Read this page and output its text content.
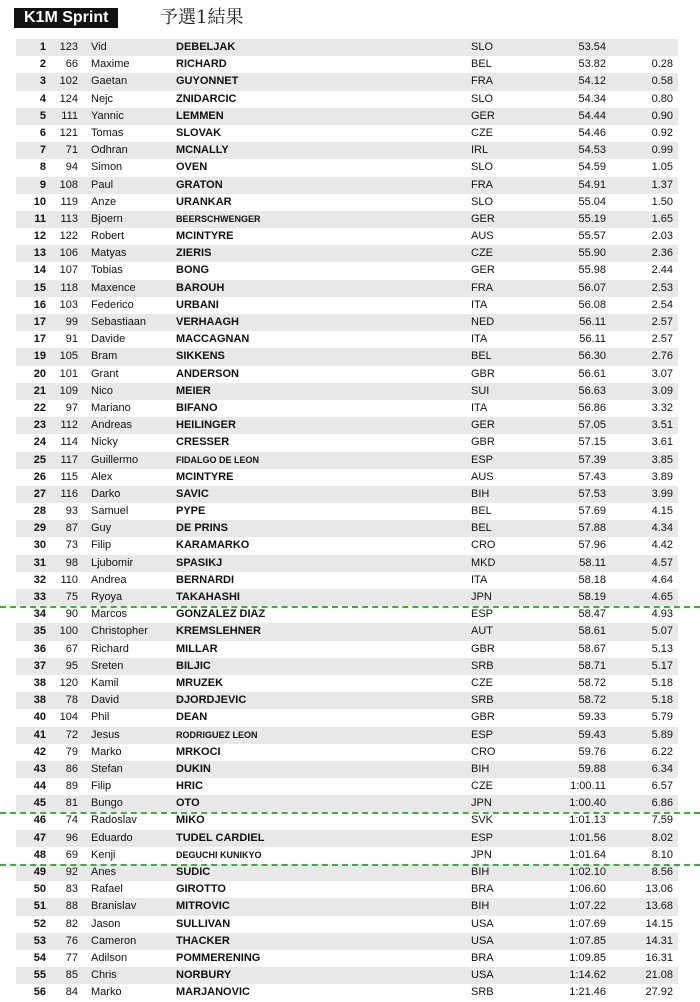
K1M Sprint	予選1結果
1	123 Vid	DEBELJAK	SLO	53.54
2	66 Maxime	RICHARD	BEL	53.82	0.28
3	102 Gaetan	GUYONNET	FRA	54.12	0.58
4	124 Nejc	ZNIDARCIC	SLO	54.34	0.80
5	111 Yannic	LEMMEN	GER	54.44	0.90
6	121 Tomas	SLOVAK	CZE	54.46	0.92
7	71 Odhran	MCNALLY	IRL	54.53	0.99
8	94 Simon	OVEN	SLO	54.59	1.05
9	108 Paul	GRATON	FRA	54.91	1.37
10	119 Anze	URANKAR	SLO	55.04	1.50
11	113 Bjoern	BEERSCHWENGER	GER	55.19	1.65
12	122 Robert	MCINTYRE	AUS	55.57	2.03
13	106 Matyas	ZIERIS	CZE	55.90	2.36
14	107 Tobias	BONG	GER	55.98	2.44
15	118 Maxence	BAROUH	FRA	56.07	2.53
16	103 Federico	URBANI	ITA	56.08	2.54
17	99 Sebastiaan	VERHAAGH	NED	56.11	2.57
17	91 Davide	MACCAGNAN	ITA	56.11	2.57
19	105 Bram	SIKKENS	BEL	56.30	2.76
20	101 Grant	ANDERSON	GBR	56.61	3.07
21	109 Nico	MEIER	SUI	56.63	3.09
22	97 Mariano	BIFANO	ITA	56.86	3.32
23	112 Andreas	HEILINGER	GER	57.05	3.51
24	114 Nicky	CRESSER	GBR	57.15	3.61
25	117 Guillermo	FIDALGO DE LEON	ESP	57.39	3.85
26	115 Alex	MCINTYRE	AUS	57.43	3.89
27	116 Darko	SAVIC	BIH	57.53	3.99
28	93 Samuel	PYPE	BEL	57.69	4.15
29	87 Guy	DE PRINS	BEL	57.88	4.34
30	73 Filip	KARAMARKO	CRO	57.96	4.42
31	98 Ljubomir	SPASIKJ	MKD	58.11	4.57
32	110 Andrea	BERNARDI	ITA	58.18	4.64
33	75 Ryoya	TAKAHASHI	JPN	58.19	4.65
34	90 Marcos	GONZALEZ DIAZ	ESP	58.47	4.93
35	100 Christopher	KREMSLEHNER	AUT	58.61	5.07
36	67 Richard	MILLAR	GBR	58.67	5.13
37	95 Sreten	BILJIC	SRB	58.71	5.17
38	120 Kamil	MRUZEK	CZE	58.72	5.18
38	78 David	DJORDJEVIC	SRB	58.72	5.18
40	104 Phil	DEAN	GBR	59.33	5.79
41	72 Jesus	RODRIGUEZ LEON	ESP	59.43	5.89
42	79 Marko	MRKOCI	CRO	59.76	6.22
43	86 Stefan	DUKIN	BIH	59.88	6.34
44	89 Filip	HRIC	CZE	1:00.11	6.57
45	81 Bungo	OTO	JPN	1:00.40	6.86
46	74 Radoslav	MIKO	SVK	1:01.13	7.59
47	96 Eduardo	TUDEL CARDIEL	ESP	1:01.56	8.02
48	69 Kenji	DEGUCHI KUNIKYO	JPN	1:01.64	8.10
49	92 Anes	SUDIC	BIH	1:02.10	8.56
50	83 Rafael	GIROTTO	BRA	1:06.60	13.06
51	88 Branislav	MITROVIC	BIH	1:07.22	13.68
52	82 Jason	SULLIVAN	USA	1:07.69	14.15
53	76 Cameron	THACKER	USA	1:07.85	14.31
54	77 Adilson	POMMERENING	BRA	1:09.85	16.31
55	85 Chris	NORBURY	USA	1:14.62	21.08
56	84 Marko	MARJANOVIC	SRB	1:21.46	27.92
